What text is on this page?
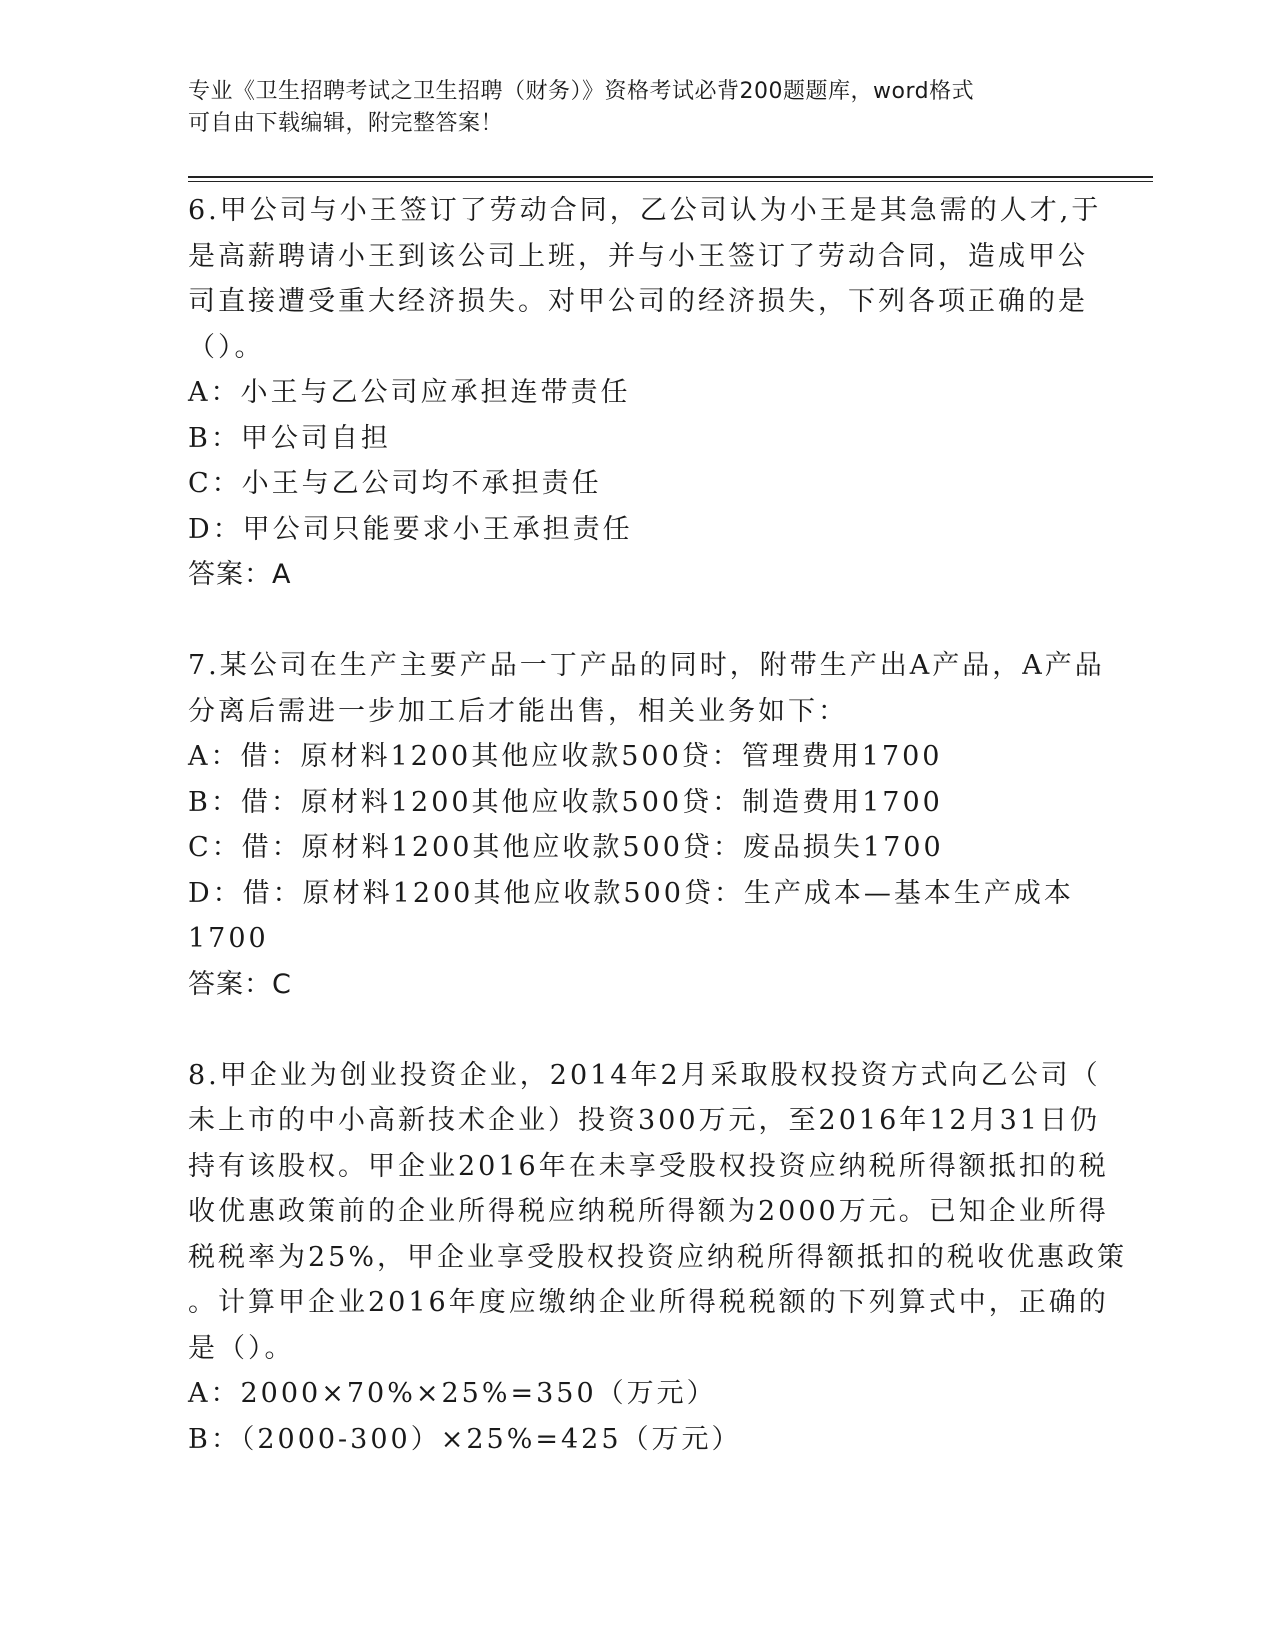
专业《卫生招聘考试之卫生招聘（财务）》资格考试必背200题题库，word格式
可自由下载编辑，附完整答案！
6.甲公司与小王签订了劳动合同，乙公司认为小王是其急需的人才,于
是高薪聘请小王到该公司上班，并与小王签订了劳动合同，造成甲公
司直接遭受重大经济损失。对甲公司的经济损失，下列各项正确的是
（）。
A：小王与乙公司应承担连带责任
B：甲公司自担
C：小王与乙公司均不承担责任
D：甲公司只能要求小王承担责任
答案：A
7.某公司在生产主要产品一丁产品的同时，附带生产出A产品，A产品
分离后需进一步加工后才能出售，相关业务如下：
A：借：原材料1200其他应收款500贷：管理费用1700
B：借：原材料1200其他应收款500贷：制造费用1700
C：借：原材料1200其他应收款500贷：废品损失1700
D：借：原材料1200其他应收款500贷：生产成本—基本生产成本
1700
答案：C
8.甲企业为创业投资企业，2014年2月采取股权投资方式向乙公司（
未上市的中小高新技术企业）投资300万元，至2016年12月31日仍
持有该股权。甲企业2016年在未享受股权投资应纳税所得额抵扣的税
收优惠政策前的企业所得税应纳税所得额为2000万元。已知企业所得
税税率为25%，甲企业享受股权投资应纳税所得额抵扣的税收优惠政策
。计算甲企业2016年度应缴纳企业所得税税额的下列算式中，正确的
是（）。
A：2000×70%×25%=350（万元）
B：（2000-300）×25%=425（万元）
